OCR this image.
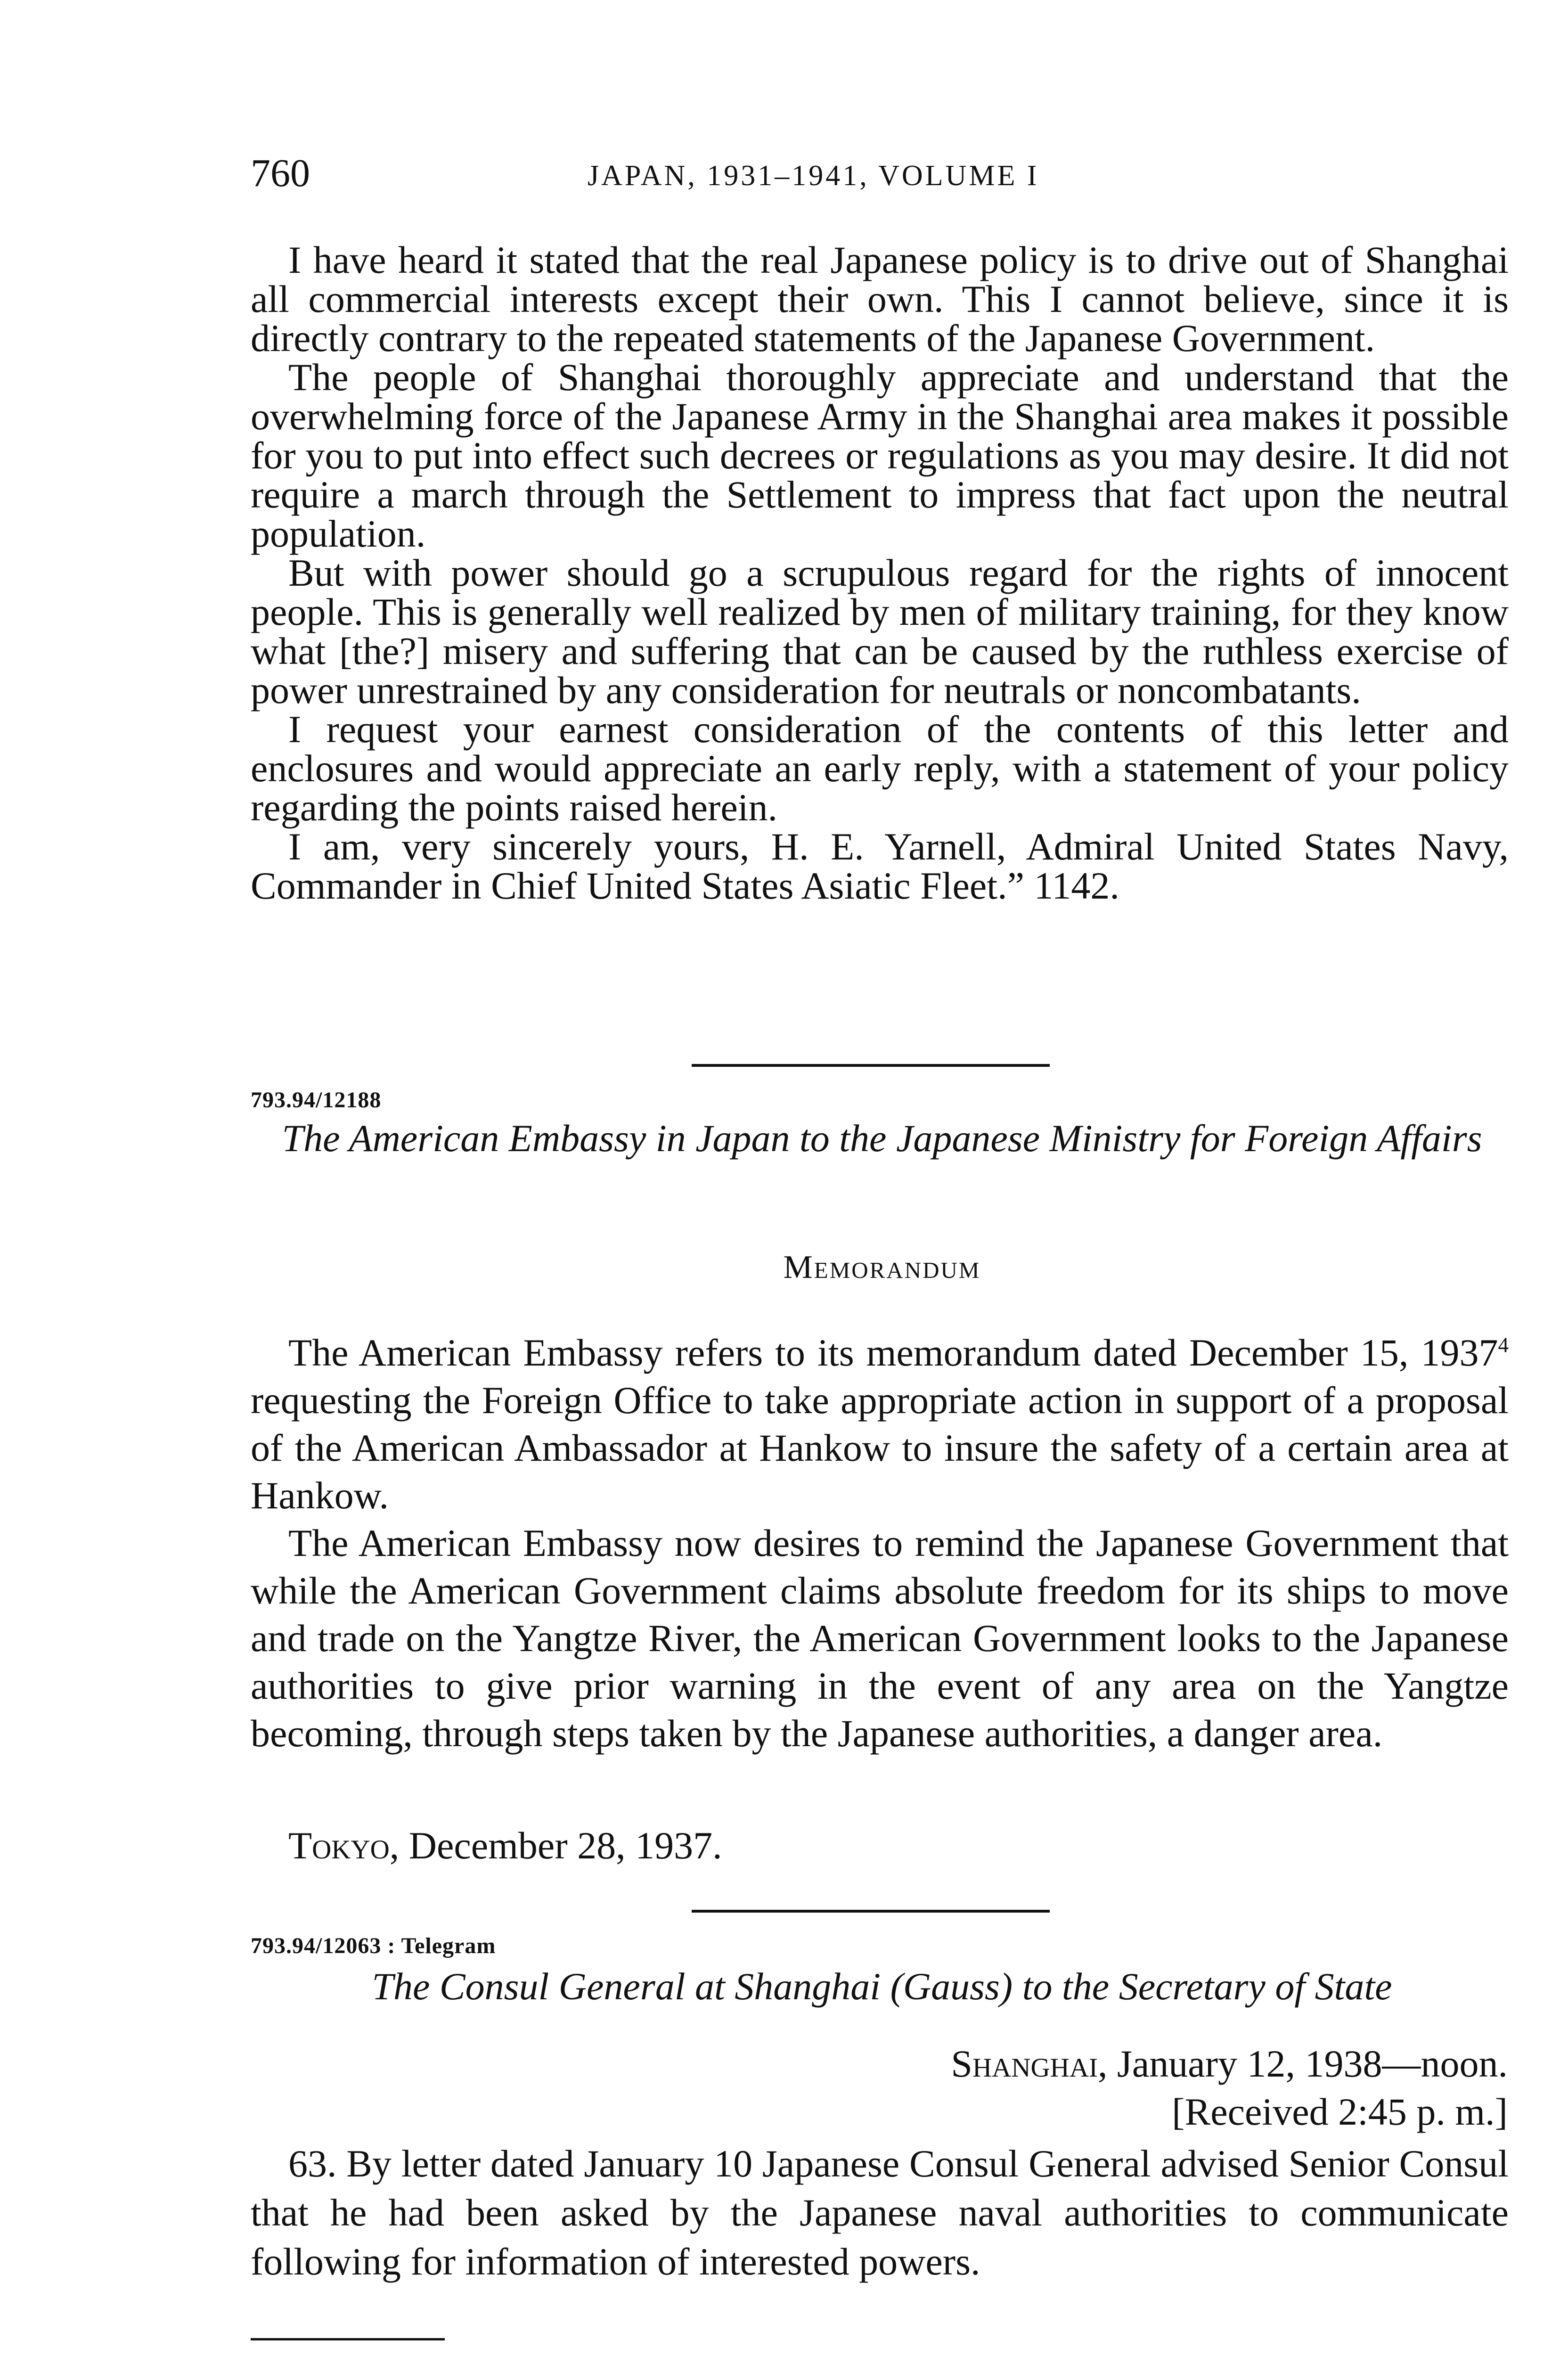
760	JAPAN, 1931–1941, VOLUME I

I have heard it stated that the real Japanese policy is to drive out of Shanghai all commercial interests except their own. This I cannot believe, since it is directly contrary to the repeated statements of the Japanese Government.

The people of Shanghai thoroughly appreciate and understand that the overwhelming force of the Japanese Army in the Shanghai area makes it possible for you to put into effect such decrees or regulations as you may desire. It did not require a march through the Settlement to impress that fact upon the neutral population.

But with power should go a scrupulous regard for the rights of innocent people. This is generally well realized by men of military training, for they know what [the?] misery and suffering that can be caused by the ruthless exercise of power unrestrained by any consideration for neutrals or noncombatants.

I request your earnest consideration of the contents of this letter and enclosures and would appreciate an early reply, with a statement of your policy regarding the points raised herein.

I am, very sincerely yours, H. E. Yarnell, Admiral United States Navy, Commander in Chief United States Asiatic Fleet.” 1142.

793.94/12188
The American Embassy in Japan to the Japanese Ministry for Foreign Affairs
Memorandum

The American Embassy refers to its memorandum dated December 15, 1937$^4$ requesting the Foreign Office to take appropriate action in support of a proposal of the American Ambassador at Hankow to insure the safety of a certain area at Hankow.

The American Embassy now desires to remind the Japanese Government that while the American Government claims absolute freedom for its ships to move and trade on the Yangtze River, the American Government looks to the Japanese authorities to give prior warning in the event of any area on the Yangtze becoming, through steps taken by the Japanese authorities, a danger area.

Tokyo, December 28, 1937.
793.94/12063 : Telegram
The Consul General at Shanghai (Gauss) to the Secretary of State
Shanghai, January 12, 1938—noon.
[Received 2:45 p. m.]

63. By letter dated January 10 Japanese Consul General advised Senior Consul that he had been asked by the Japanese naval authorities to communicate following for information of interested powers.
